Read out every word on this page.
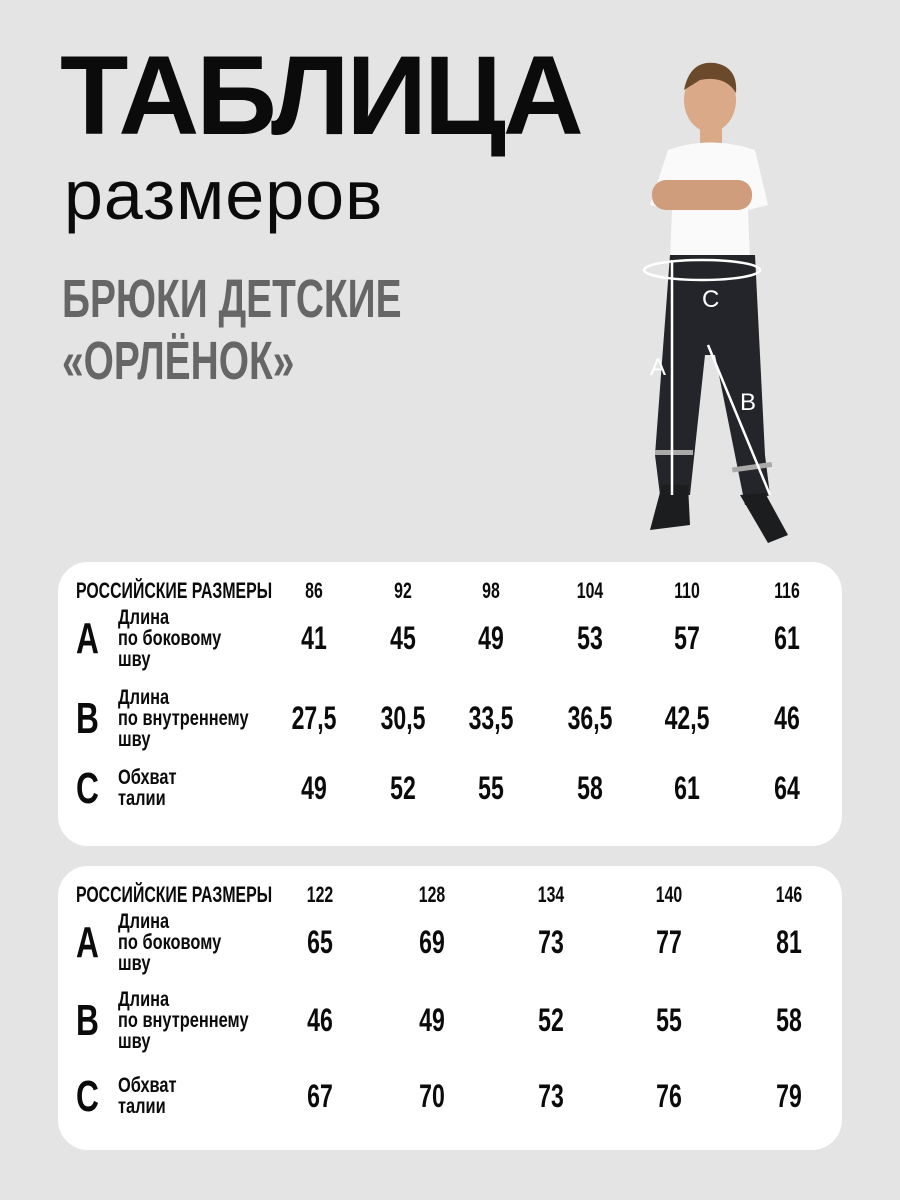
ТАБЛИЦА
размеров
БРЮКИ ДЕТСКИЕ
«ОРЛЁНОК»	A
B
C
РОССИЙСКИЕ РАЗМЕРЫ 86	92	98	104	110	116
A Длина
по боковому
шву
41 45 49 53 57 61
B Длина
по внутреннему
шву
27,5 30,5 33,5 36,5 42,5 46
C Обхват
талии	49 52 55 58 61 64
РОССИЙСКИЕ РАЗМЕРЫ 122	128	134	140	146
A Длина
по боковому
шву
65	69	73	77	81
B Длина
по внутреннему
шву
46	49	52	55	58
C Обхват
талии	67	70	73	76	79
